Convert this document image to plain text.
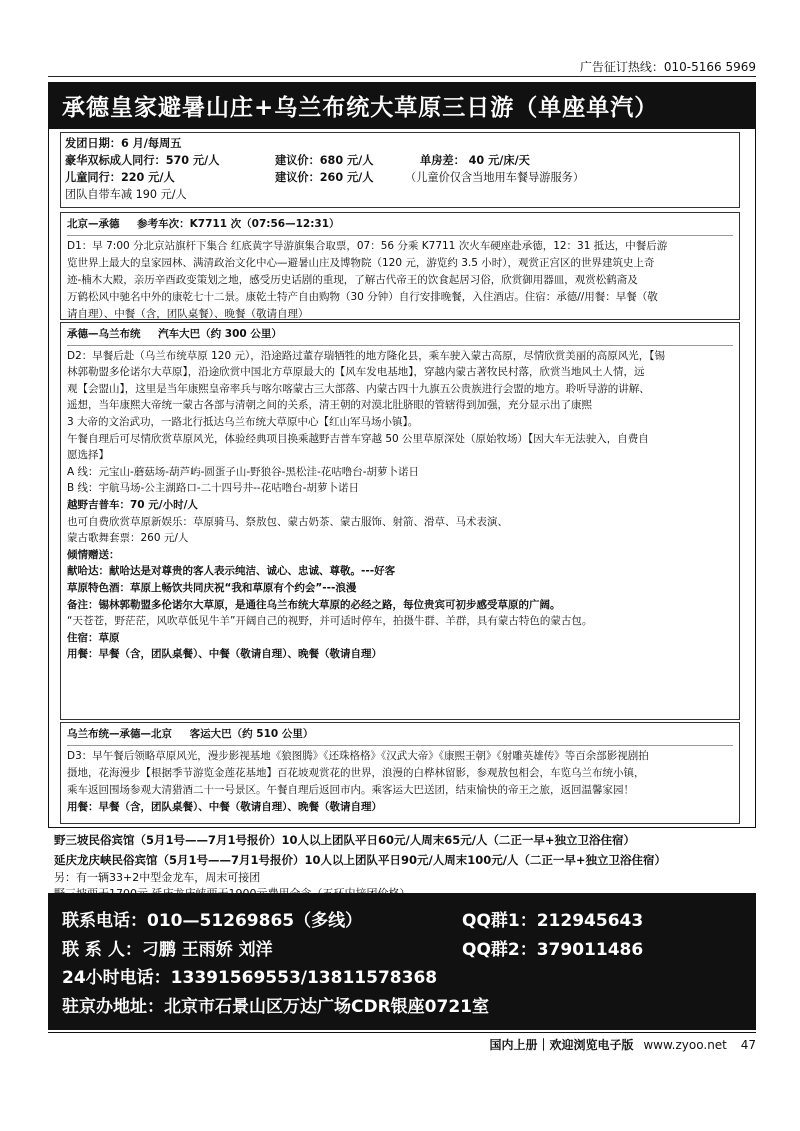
广告征订热线：010-5166 5969
承德皇家避暑山庄+乌兰布统大草原三日游（单座单汽）
发团日期：6 月/每周五
豪华双标成人同行：570 元/人	建议价：680 元/人	单房差： 40 元/床/天
儿童同行：220 元/人	建议价：260 元/人	（儿童价仅含当地用车餐导游服务）
团队自带车减 190 元/人
北京—承德 参考车次：K7711 次（07:56—12:31）
D1：早 7:00 分北京站旗杆下集合 红底黄字导游旗集合取票，07：56 分乘 K7711 次火车硬座赴承德，12：31 抵达，中餐后游
览世界上最大的皇家园林、满清政治文化中心—避暑山庄及博物院（120 元，游览约 3.5 小时），观赏正宫区的世界建筑史上奇
迹-楠木大殿，亲历辛酉政变策划之地，感受历史话剧的重现，了解古代帝王的饮食起居习俗，欣赏御用器皿，观赏松鹤斋及
万鹤松风中驰名中外的康乾七十二景。康乾土特产自由购物（30 分钟）自行安排晚餐，入住酒店。住宿：承德//用餐：早餐（敬
请自理）、中餐（含，团队桌餐）、晚餐（敬请自理）
承德—乌兰布统 汽车大巴（约 300 公里）
D2：早餐后赴（乌兰布统草原 120 元），沿途路过董存瑞牺牲的地方隆化县，乘车驶入蒙古高原，尽情欣赏美丽的高原风光，【锡
林郭勒盟多伦诺尔大草原】，沿途欣赏中国北方草原最大的【风车发电基地】，穿越内蒙古著牧民村落，欣赏当地风土人情，远
观【会盟山】，这里是当年康熙皇帝率兵与喀尔喀蒙古三大部落、内蒙古四十九旗五公贵族进行会盟的地方。聆听导游的讲解、
遥想，当年康熙大帝统一蒙古各部与清朝之间的关系，清王朝的对漠北肚脐眼的管辖得到加强，充分显示出了康熙
3 大帝的文治武功，一路北行抵达乌兰布统大草原中心【红山军马场小镇】。
午餐自理后可尽情欣赏草原风光，体验经典项目换乘越野吉普车穿越 50 公里草原深处（原始牧场）【因大车无法驶入，自费自
愿选择】
A 线：元宝山-蘑菇场-葫芦屿-圆蛋子山-野狼谷-黑松洼-花咕噜台-胡萝卜诺日
B 线：宇航马场-公主湖路口-二十四号井--花咕噜台-胡萝卜诺日
越野吉普车：70 元/小时/人
也可自费欣赏草原新娱乐：草原骑马、祭敖包、蒙古奶茶、蒙古服饰、射箭、滑草、马术表演、
蒙古歌舞套票：260 元/人
倾情赠送：
献哈达：献哈达是对尊贵的客人表示纯洁、诚心、忠诚、尊敬。---好客
草原特色酒：草原上畅饮共同庆祝“我和草原有个约会”---浪漫
备注：锡林郭勒盟多伦诺尔大草原，是通往乌兰布统大草原的必经之路，每位贵宾可初步感受草原的广阔。
“天苍苍，野茫茫，风吹草低见牛羊”开阔自己的视野，并可适时停车，拍摄牛群、羊群，具有蒙古特色的蒙古包。
住宿：草原
用餐：早餐（含，团队桌餐）、中餐（敬请自理）、晚餐（敬请自理）
乌兰布统—承德—北京 客运大巴（约 510 公里）
D3：早午餐后领略草原风光，漫步影视基地《狼图腾》《还珠格格》《汉武大帝》《康熙王朝》《射雕英雄传》等百余部影视剧拍
摄地，花海漫步【根据季节游览金莲花基地】百花坡观赏花的世界，浪漫的白桦林留影，参观敖包相会，车览乌兰布统小镇，
乘车返回围场参观大清猎酒二十一号景区。午餐自理后返回市内。乘客运大巴送团，结束愉快的帝王之旅，返回温馨家园！
用餐：早餐（含，团队桌餐）、中餐（敬请自理）、晚餐（敬请自理）
野三坡民俗宾馆（5月1号——7月1号报价）10人以上团队平日60元/人周末65元/人（二正一早+独立卫浴住宿）
延庆龙庆峡民俗宾馆（5月1号——7月1号报价）10人以上团队平日90元/人周末100元/人（二正一早+独立卫浴住宿）
另：有一辆33+2中型金龙车，周末可接团
联系电话：010—51269865（多线）	QQ群1：212945643
联 系 人：刁鹏 王雨娇 刘洋	QQ群2：379011486
24小时电话：13391569553/13811578368
驻京办地址：北京市石景山区万达广场CDR银座0721室
国内上册｜欢迎浏览电子版 www.zyoo.net 47
